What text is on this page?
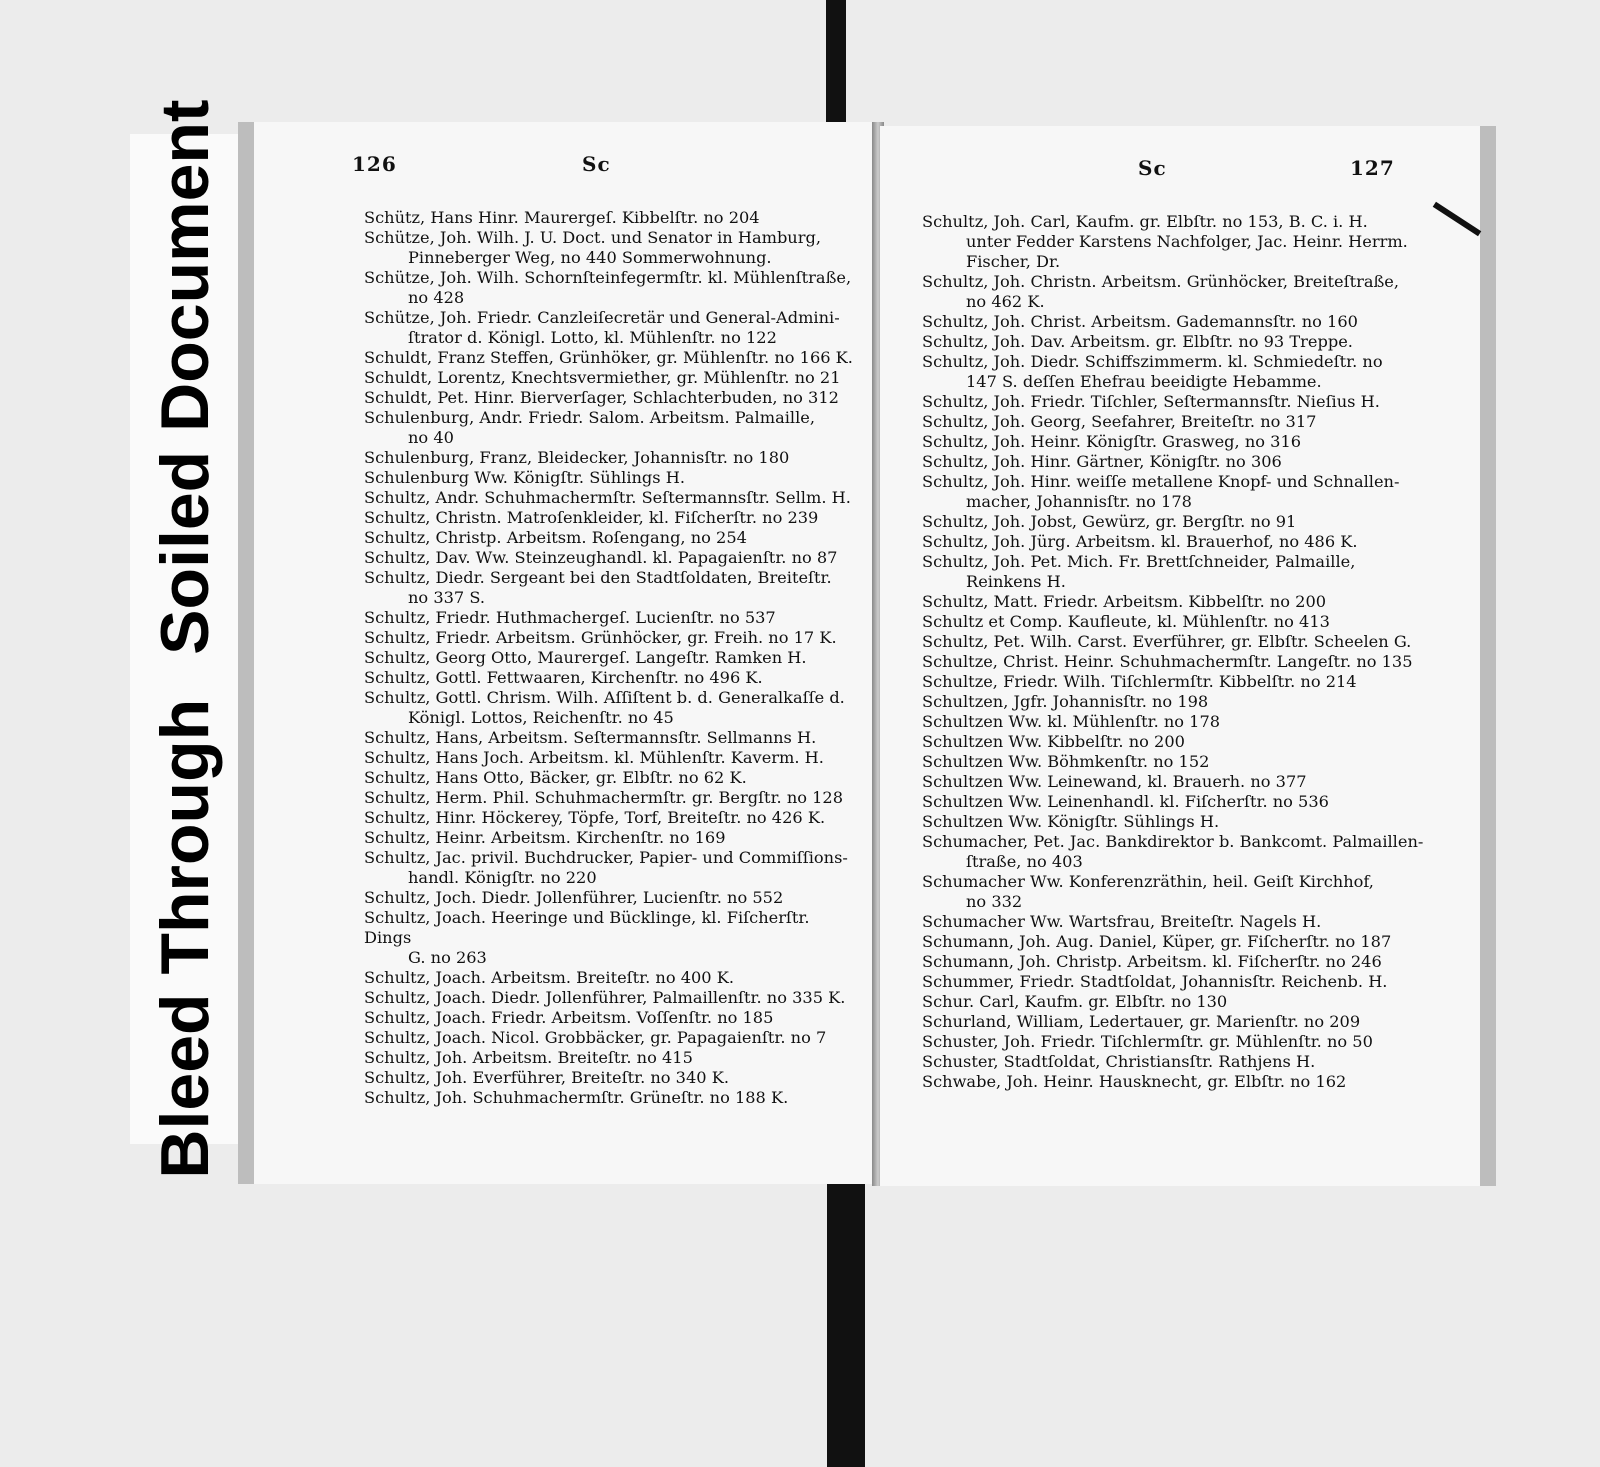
Bleed Through
Soiled Document	126	Sc
Schütz, Hans Hinr. Maurergeſ. Kibbelſtr. no 204
Schütze, Joh. Wilh. J. U. Doct. und Senator in Hamburg,
Pinneberger Weg, no 440 Sommerwohnung.
Schütze, Joh. Wilh. Schornſteinfegermſtr. kl. Mühlenſtraße,
no 428
Schütze, Joh. Friedr. Canzleiſecretär und General-Admini-
ſtrator d. Königl. Lotto, kl. Mühlenſtr. no 122
Schuldt, Franz Steffen, Grünhöker, gr. Mühlenſtr. no 166 K.
Schuldt, Lorentz, Knechtsvermiether, gr. Mühlenſtr. no 21
Schuldt, Pet. Hinr. Bierverſager, Schlachterbuden, no 312
Schulenburg, Andr. Friedr. Salom. Arbeitsm. Palmaille,
no 40
Schulenburg, Franz, Bleidecker, Johannisſtr. no 180
Schulenburg Ww. Königſtr. Sühlings H.
Schultz, Andr. Schuhmachermſtr. Seſtermannsſtr. Sellm. H.
Schultz, Christn. Matroſenkleider, kl. Fiſcherſtr. no 239
Schultz, Christp. Arbeitsm. Roſengang, no 254
Schultz, Dav. Ww. Steinzeughandl. kl. Papagaienſtr. no 87
Schultz, Diedr. Sergeant bei den Stadtſoldaten, Breiteſtr.
no 337 S.
Schultz, Friedr. Huthmachergeſ. Lucienſtr. no 537
Schultz, Friedr. Arbeitsm. Grünhöcker, gr. Freih. no 17 K.
Schultz, Georg Otto, Maurergeſ. Langeſtr. Ramken H.
Schultz, Gottl. Fettwaaren, Kirchenſtr. no 496 K.
Schultz, Gottl. Chrism. Wilh. Aſſiſtent b. d. Generalkaſſe d.
Königl. Lottos, Reichenſtr. no 45
Schultz, Hans, Arbeitsm. Seſtermannsſtr. Sellmanns H.
Schultz, Hans Joch. Arbeitsm. kl. Mühlenſtr. Kaverm. H.
Schultz, Hans Otto, Bäcker, gr. Elbſtr. no 62 K.
Schultz, Herm. Phil. Schuhmachermſtr. gr. Bergſtr. no 128
Schultz, Hinr. Höckerey, Töpfe, Torf, Breiteſtr. no 426 K.
Schultz, Heinr. Arbeitsm. Kirchenſtr. no 169
Schultz, Jac. privil. Buchdrucker, Papier- und Commiſſions-
handl. Königſtr. no 220
Schultz, Joch. Diedr. Jollenführer, Lucienſtr. no 552
Schultz, Joach. Heeringe und Bücklinge, kl. Fiſcherſtr. Dings
G. no 263
Schultz, Joach. Arbeitsm. Breiteſtr. no 400 K.
Schultz, Joach. Diedr. Jollenführer, Palmaillenſtr. no 335 K.
Schultz, Joach. Friedr. Arbeitsm. Voſſenſtr. no 185
Schultz, Joach. Nicol. Grobbäcker, gr. Papagaienſtr. no 7
Schultz, Joh. Arbeitsm. Breiteſtr. no 415
Schultz, Joh. Everführer, Breiteſtr. no 340 K.
Schultz, Joh. Schuhmachermſtr. Grüneſtr. no 188 K.
Sc	127
Schultz, Joh. Carl, Kaufm. gr. Elbſtr. no 153, B. C. i. H.
unter Fedder Karstens Nachfolger, Jac. Heinr. Herrm. Fischer, Dr.
Schultz, Joh. Christn. Arbeitsm. Grünhöcker, Breiteſtraße,
no 462 K.
Schultz, Joh. Christ. Arbeitsm. Gademannsſtr. no 160
Schultz, Joh. Dav. Arbeitsm. gr. Elbſtr. no 93 Treppe.
Schultz, Joh. Diedr. Schiffszimmerm. kl. Schmiedeſtr. no
147 S. deſſen Ehefrau beeidigte Hebamme.
Schultz, Joh. Friedr. Tiſchler, Seſtermannsſtr. Nieſius H.
Schultz, Joh. Georg, Seefahrer, Breiteſtr. no 317
Schultz, Joh. Heinr. Königſtr. Grasweg, no 316
Schultz, Joh. Hinr. Gärtner, Königſtr. no 306
Schultz, Joh. Hinr. weiſſe metallene Knopf- und Schnallen-
macher, Johannisſtr. no 178
Schultz, Joh. Jobst, Gewürz, gr. Bergſtr. no 91
Schultz, Joh. Jürg. Arbeitsm. kl. Brauerhof, no 486 K.
Schultz, Joh. Pet. Mich. Fr. Brettſchneider, Palmaille,
Reinkens H.
Schultz, Matt. Friedr. Arbeitsm. Kibbelſtr. no 200
Schultz et Comp. Kaufleute, kl. Mühlenſtr. no 413
Schultz, Pet. Wilh. Carst. Everführer, gr. Elbſtr. Scheelen G.
Schultze, Christ. Heinr. Schuhmachermſtr. Langeſtr. no 135
Schultze, Friedr. Wilh. Tiſchlermſtr. Kibbelſtr. no 214
Schultzen, Jgfr. Johannisſtr. no 198
Schultzen Ww. kl. Mühlenſtr. no 178
Schultzen Ww. Kibbelſtr. no 200
Schultzen Ww. Böhmkenſtr. no 152
Schultzen Ww. Leinewand, kl. Brauerh. no 377
Schultzen Ww. Leinenhandl. kl. Fiſcherſtr. no 536
Schultzen Ww. Königſtr. Sühlings H.
Schumacher, Pet. Jac. Bankdirektor b. Bankcomt. Palmaillen-
ſtraße, no 403
Schumacher Ww. Konferenzräthin, heil. Geiſt Kirchhof,
no 332
Schumacher Ww. Wartsfrau, Breiteſtr. Nagels H.
Schumann, Joh. Aug. Daniel, Küper, gr. Fiſcherſtr. no 187
Schumann, Joh. Christp. Arbeitsm. kl. Fiſcherſtr. no 246
Schummer, Friedr. Stadtſoldat, Johannisſtr. Reichenb. H.
Schur. Carl, Kaufm. gr. Elbſtr. no 130
Schurland, William, Ledertauer, gr. Marienſtr. no 209
Schuster, Joh. Friedr. Tiſchlermſtr. gr. Mühlenſtr. no 50
Schuster, Stadtſoldat, Christiansſtr. Rathjens H.
Schwabe, Joh. Heinr. Hausknecht, gr. Elbſtr. no 162
